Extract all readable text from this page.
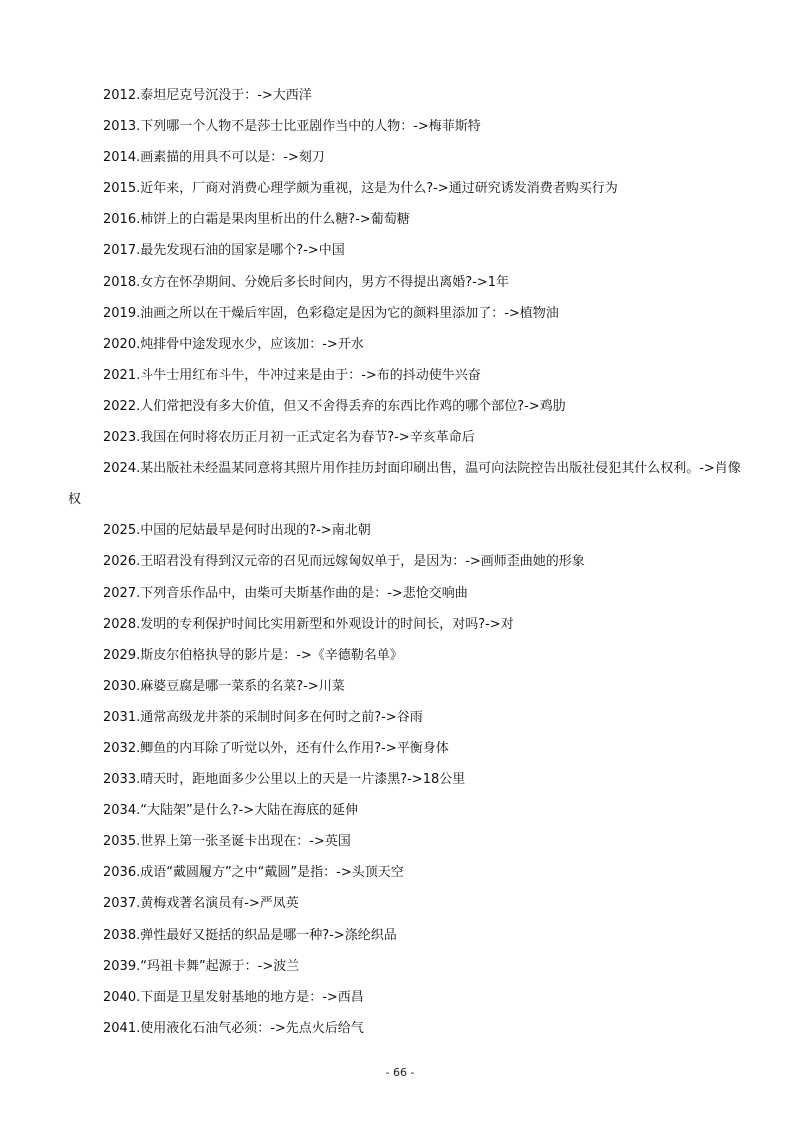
2012.泰坦尼克号沉没于：->大西洋
2013.下列哪一个人物不是莎士比亚剧作当中的人物：->梅菲斯特
2014.画素描的用具不可以是：->刻刀
2015.近年来，厂商对消费心理学颇为重视，这是为什么?->通过研究诱发消费者购买行为
2016.柿饼上的白霜是果肉里析出的什么糖?->葡萄糖
2017.最先发现石油的国家是哪个?->中国
2018.女方在怀孕期间、分娩后多长时间内，男方不得提出离婚?->1年
2019.油画之所以在干燥后牢固，色彩稳定是因为它的颜料里添加了：->植物油
2020.炖排骨中途发现水少，应该加：->开水
2021.斗牛士用红布斗牛，牛冲过来是由于：->布的抖动使牛兴奋
2022.人们常把没有多大价值，但又不舍得丢弃的东西比作鸡的哪个部位?->鸡肋
2023.我国在何时将农历正月初一正式定名为春节?->辛亥革命后
2024.某出版社未经温某同意将其照片用作挂历封面印刷出售，温可向法院控告出版社侵犯其什么权利。->肖像权
2025.中国的尼姑最早是何时出现的?->南北朝
2026.王昭君没有得到汉元帝的召见而远嫁匈奴单于，是因为：->画师歪曲她的形象
2027.下列音乐作品中，由柴可夫斯基作曲的是：->悲怆交响曲
2028.发明的专利保护时间比实用新型和外观设计的时间长，对吗?->对
2029.斯皮尔伯格执导的影片是：->《辛德勒名单》
2030.麻婆豆腐是哪一菜系的名菜?->川菜
2031.通常高级龙井茶的采制时间多在何时之前?->谷雨
2032.鲫鱼的内耳除了听觉以外，还有什么作用?->平衡身体
2033.晴天时，距地面多少公里以上的天是一片漆黑?->18公里
2034.“大陆架”是什么?->大陆在海底的延伸
2035.世界上第一张圣诞卡出现在：->英国
2036.成语“戴圆履方”之中“戴圆”是指：->头顶天空
2037.黄梅戏著名演员有->严凤英
2038.弹性最好又挺括的织品是哪一种?->涤纶织品
2039.“玛祖卡舞”起源于：->波兰
2040.下面是卫星发射基地的地方是：->西昌
2041.使用液化石油气必须：->先点火后给气
- 66 -
